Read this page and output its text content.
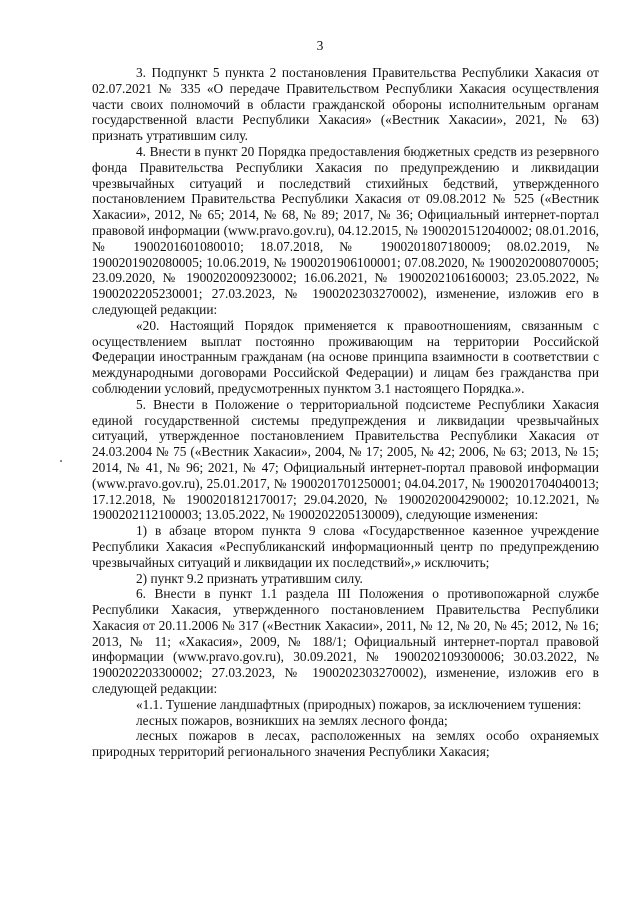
3

3. Подпункт 5 пункта 2 постановления Правительства Республики Хакасия от 02.07.2021 № 335 «О передаче Правительством Республики Хакасия осуществления части своих полномочий в области гражданской обороны исполнительным органам государственной власти Республики Хакасия» («Вестник Хакасии», 2021, № 63) признать утратившим силу.

4. Внести в пункт 20 Порядка предоставления бюджетных средств из резервного фонда Правительства Республики Хакасия по предупреждению и ликвидации чрезвычайных ситуаций и последствий стихийных бедствий, утвержденного постановлением Правительства Республики Хакасия от 09.08.2012 № 525 («Вестник Хакасии», 2012, № 65; 2014, № 68, № 89; 2017, № 36; Официальный интернет-портал правовой информации (www.pravo.gov.ru), 04.12.2015, № 1900201512040002; 08.01.2016, № 1900201601080010; 18.07.2018, № 1900201807180009; 08.02.2019, № 1900201902080005; 10.06.2019, № 1900201906100001; 07.08.2020, № 1900202008070005; 23.09.2020, № 1900202009230002; 16.06.2021, № 1900202106160003; 23.05.2022, № 1900202205230001; 27.03.2023, № 1900202303270002), изменение, изложив его в следующей редакции:

«20. Настоящий Порядок применяется к правоотношениям, связанным с осуществлением выплат постоянно проживающим на территории Российской Федерации иностранным гражданам (на основе принципа взаимности в соответствии с международными договорами Российской Федерации) и лицам без гражданства при соблюдении условий, предусмотренных пунктом 3.1 настоящего Порядка.».

5. Внести в Положение о территориальной подсистеме Республики Хакасия единой государственной системы предупреждения и ликвидации чрезвычайных ситуаций, утвержденное постановлением Правительства Республики Хакасия от 24.03.2004 № 75 («Вестник Хакасии», 2004, № 17; 2005, № 42; 2006, № 63; 2013, № 15; 2014, № 41, № 96; 2021, № 47; Официальный интернет-портал правовой информации (www.pravo.gov.ru), 25.01.2017, № 1900201701250001; 04.04.2017, № 1900201704040013; 17.12.2018, № 1900201812170017; 29.04.2020, № 1900202004290002; 10.12.2021, № 1900202112100003; 13.05.2022, № 1900202205130009), следующие изменения:

1) в абзаце втором пункта 9 слова «Государственное казенное учреждение Республики Хакасия «Республиканский информационный центр по предупреждению чрезвычайных ситуаций и ликвидации их последствий»,» исключить;

2) пункт 9.2 признать утратившим силу.

6. Внести в пункт 1.1 раздела III Положения о противопожарной службе Республики Хакасия, утвержденного постановлением Правительства Республики Хакасия от 20.11.2006 № 317 («Вестник Хакасии», 2011, № 12, № 20, № 45; 2012, № 16; 2013, № 11; «Хакасия», 2009, № 188/1; Официальный интернет-портал правовой информации (www.pravo.gov.ru), 30.09.2021, № 1900202109300006; 30.03.2022, № 1900202203300002; 27.03.2023, № 1900202303270002), изменение, изложив его в следующей редакции:

«1.1. Тушение ландшафтных (природных) пожаров, за исключением тушения:

лесных пожаров, возникших на землях лесного фонда;

лесных пожаров в лесах, расположенных на землях особо охраняемых природных территорий регионального значения Республики Хакасия;
